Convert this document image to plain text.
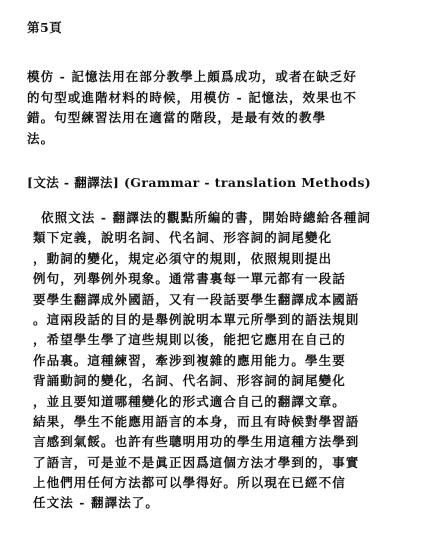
第5頁
模仿 - 記憶法用在部分教學上頗爲成功，或者在缺乏好
的句型或進階材料的時候，用模仿 - 記憶法，效果也不
錯。句型練習法用在適當的階段，是最有效的教學
法。
[文法 - 翻譯法] (Grammar - translation Methods)
依照文法 - 翻譯法的觀點所編的書，開始時總給各種詞
類下定義，說明名詞、代名詞、形容詞的詞尾變化
，動詞的變化，規定必須守的規則，依照規則提出
例句，列舉例外現象。通常書裏每一單元都有一段話
要學生翻譯成外國語，又有一段話要學生翻譯成本國語
。這兩段話的目的是舉例說明本單元所學到的語法規則
，希望學生學了這些規則以後，能把它應用在自己的
作品裏。這種練習，牽涉到複雜的應用能力。學生要
背誦動詞的變化，名詞、代名詞、形容詞的詞尾變化
，並且要知道哪種變化的形式適合自己的翻譯文章。
結果，學生不能應用語言的本身，而且有時候對學習語
言感到氣餒。也許有些聰明用功的學生用這種方法學到
了語言，可是並不是眞正因爲這個方法才學到的，事實
上他們用任何方法都可以學得好。所以現在已經不信
任文法 - 翻譯法了。
